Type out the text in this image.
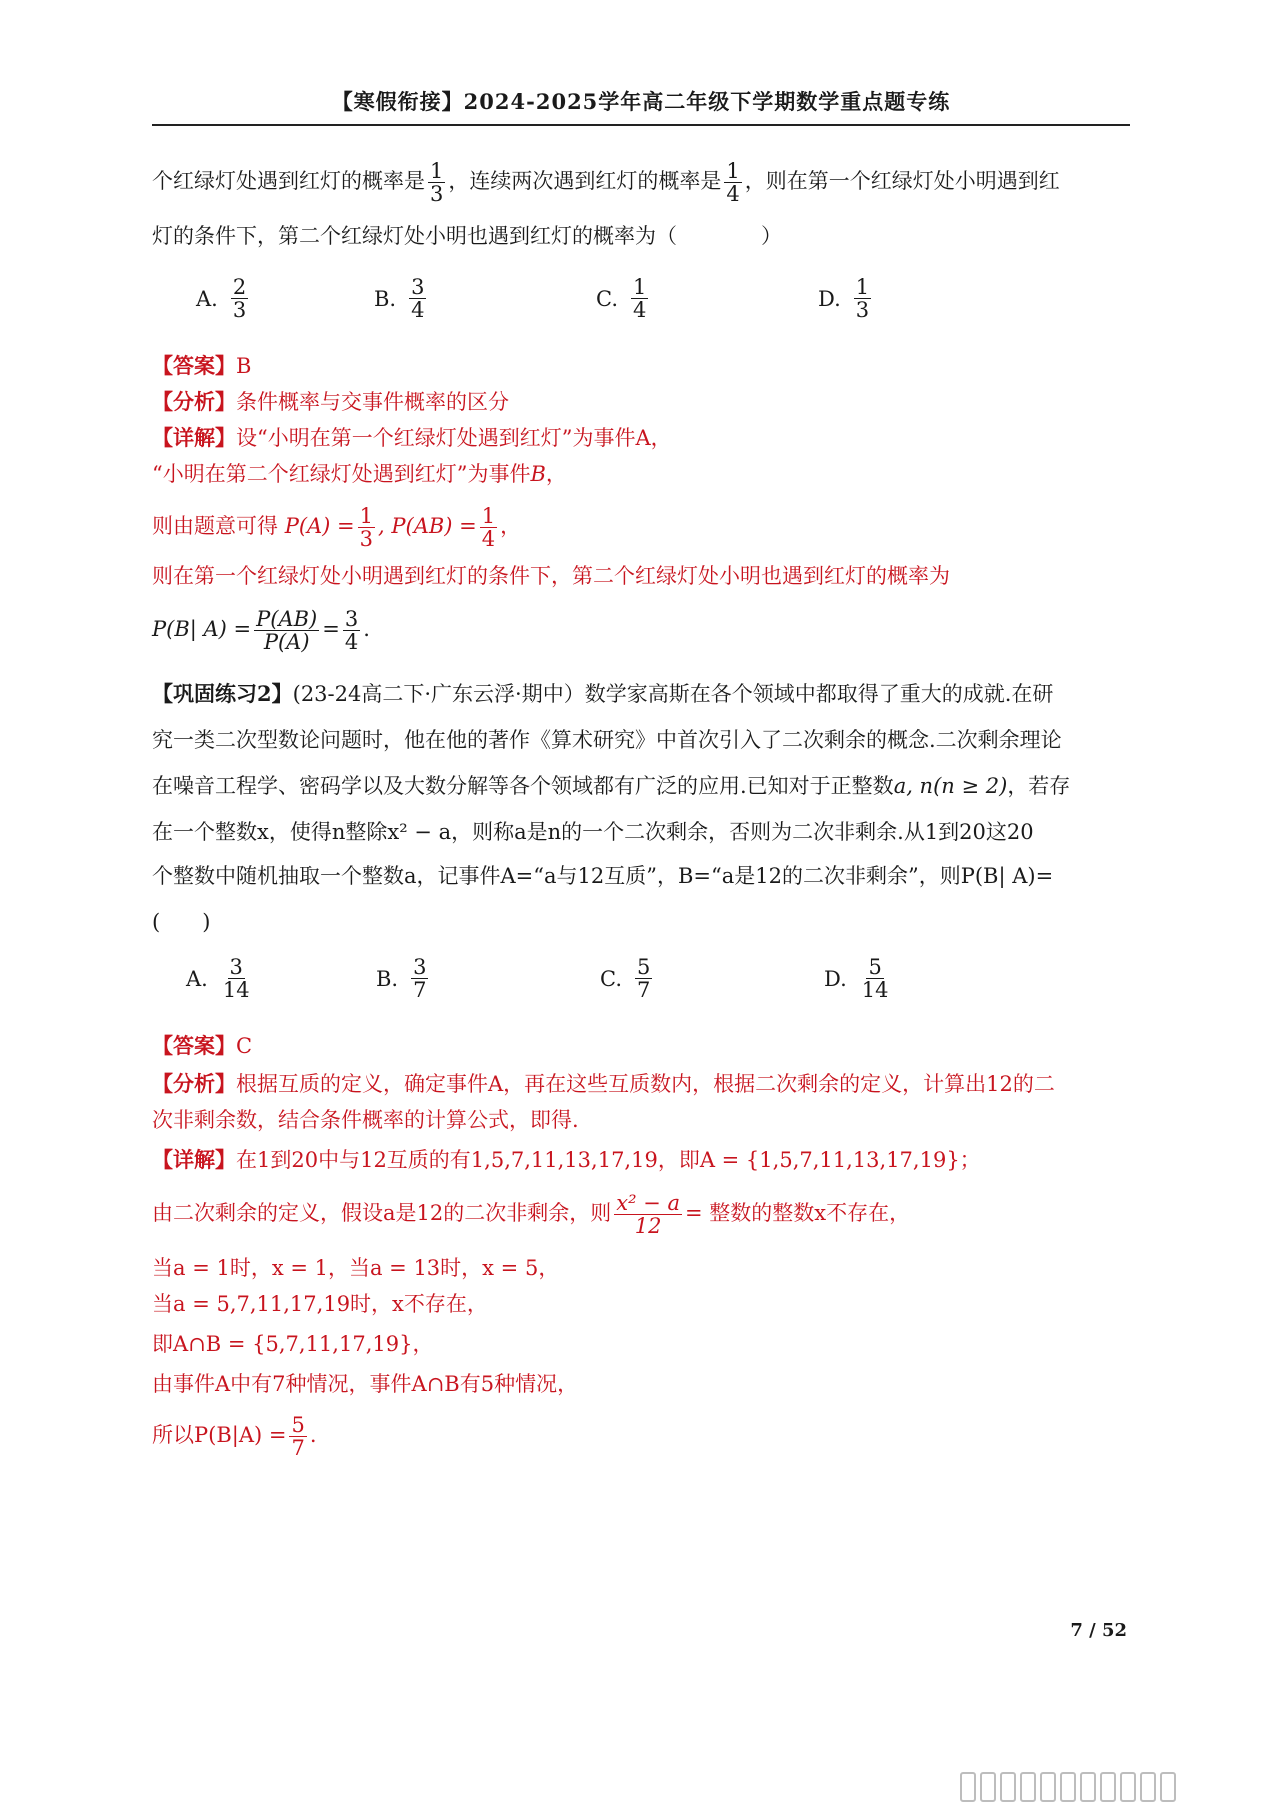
【寒假衔接】2024-2025学年高二年级下学期数学重点题专练
个红绿灯处遇到红灯的概率是 $\frac{1}{3}$ ，连续两次遇到红灯的概率是 $\frac{1}{4}$ ，则在第一个红绿灯处小明遇到红
灯的条件下，第二个红绿灯处小明也遇到红灯的概率为（　　　　）
A. $\frac{2}{3}$	B. $\frac{3}{4}$	C. $\frac{1}{4}$	D. $\frac{1}{3}$
【答案】B
【分析】条件概率与交事件概率的区分
【详解】设“小明在第一个红绿灯处遇到红灯”为事件A，
“小明在第二个红绿灯处遇到红灯”为事件B，
则由题意可得 $P(A) = \frac{1}{3}$ , $P(AB) = \frac{1}{4}$ ，
则在第一个红绿灯处小明遇到红灯的条件下，第二个红绿灯处小明也遇到红灯的概率为
P(B| $A) = \frac{P(AB)}{P(A)} = \frac{3}{4}$ .
【巩固练习2】(23-24高二下·广东云浮·期中）数学家高斯在各个领域中都取得了重大的成就.在研
究一类二次型数论问题时，他在他的著作《算术研究》中首次引入了二次剩余的概念.二次剩余理论
在噪音工程学、密码学以及大数分解等各个领域都有广泛的应用.已知对于正整数a, n(n ≥ 2)，若存
在一个整数x，使得n整除x² − a，则称a是n的一个二次剩余，否则为二次非剩余.从1到20这20
个整数中随机抽取一个整数a，记事件A=“a与12互质”，B=“a是12的二次非剩余”，则P(B| A)=
(　　)
A. $\frac{3}{14}$	B. $\frac{3}{7}$	C. $\frac{5}{7}$	D. $\frac{5}{14}$
【答案】C
【分析】根据互质的定义，确定事件A，再在这些互质数内，根据二次剩余的定义，计算出12的二
次非剩余数，结合条件概率的计算公式，即得.
【详解】在1到20中与12互质的有1,5,7,11,13,17,19，即A = {1,5,7,11,13,17,19}；
由二次剩余的定义，假设a是12的二次非剩余，则 $\frac{\text{x² − a}}{12}$ = 整数的整数x不存在，
当a = 1时，x = 1，当a = 13时，x = 5，
当a = 5,7,11,17,19时，x不存在，
即A∩B = {5,7,11,17,19}，
由事件A中有7种情况，事件A∩B有5种情况，
所以$P(B|A) = \frac{5}{7}$ .
7 / 52
